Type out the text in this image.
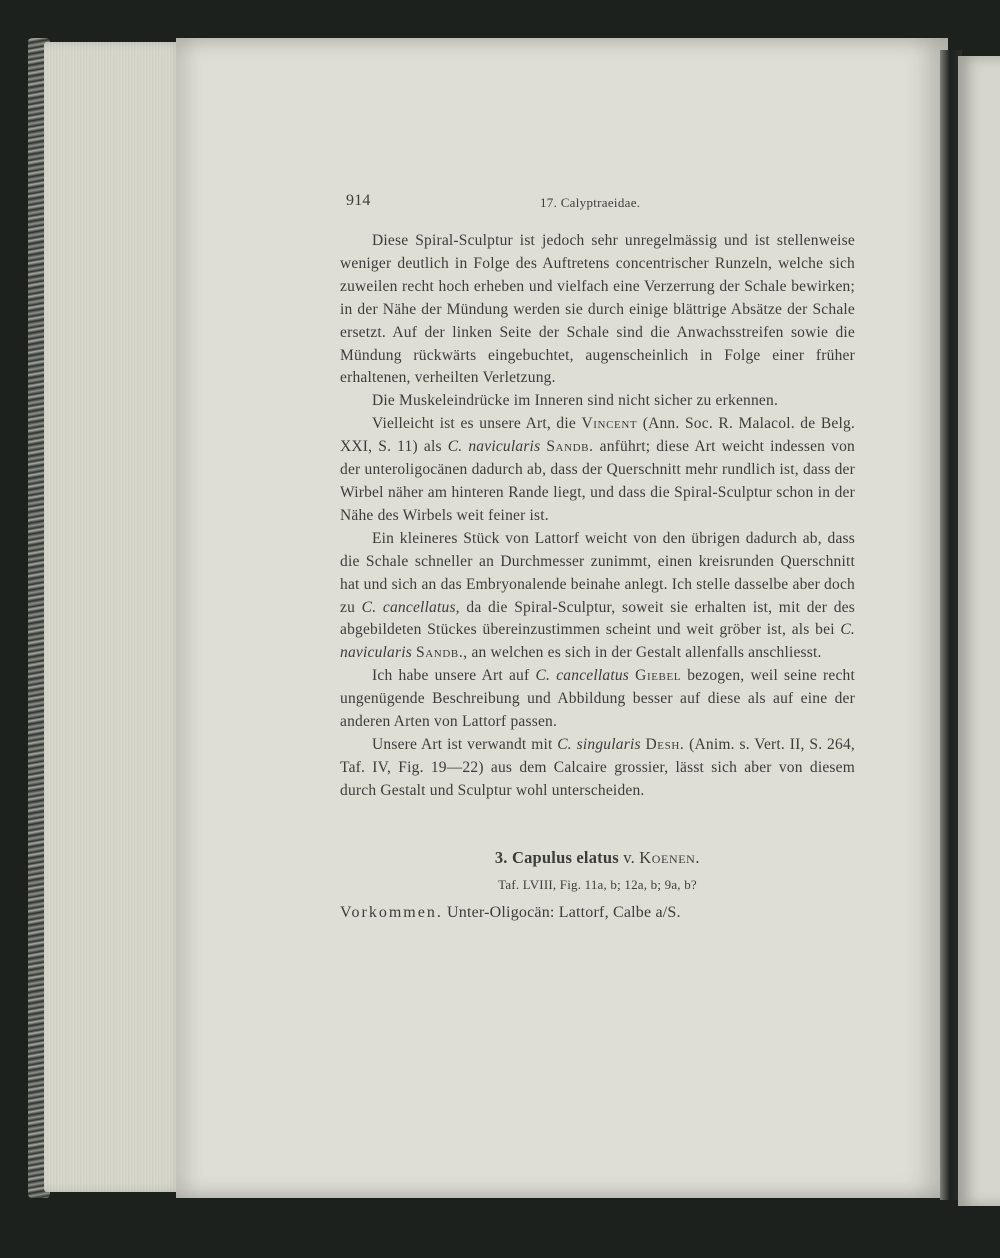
914	17. Calyptraeidae.

Diese Spiral-Sculptur ist jedoch sehr unregelmässig und ist stellenweise weniger deutlich in Folge des Auftretens concentrischer Runzeln, welche sich zuweilen recht hoch erheben und vielfach eine Verzerrung der Schale bewirken; in der Nähe der Mündung werden sie durch einige blättrige Absätze der Schale ersetzt. Auf der linken Seite der Schale sind die Anwachsstreifen sowie die Mündung rückwärts eingebuchtet, augenscheinlich in Folge einer früher erhaltenen, verheilten Verletzung.

Die Muskeleindrücke im Inneren sind nicht sicher zu erkennen.

Vielleicht ist es unsere Art, die Vincent (Ann. Soc. R. Malacol. de Belg. XXI, S. 11) als C. navicularis Sandb. anführt; diese Art weicht indessen von der unteroligocänen dadurch ab, dass der Querschnitt mehr rundlich ist, dass der Wirbel näher am hinteren Rande liegt, und dass die Spiral-Sculptur schon in der Nähe des Wirbels weit feiner ist.

Ein kleineres Stück von Lattorf weicht von den übrigen dadurch ab, dass die Schale schneller an Durchmesser zunimmt, einen kreisrunden Querschnitt hat und sich an das Embryonalende beinahe anlegt. Ich stelle dasselbe aber doch zu C. cancellatus, da die Spiral-Sculptur, soweit sie erhalten ist, mit der des abgebildeten Stückes übereinzustimmen scheint und weit gröber ist, als bei C. navicularis Sandb., an welchen es sich in der Gestalt allenfalls anschliesst.

Ich habe unsere Art auf C. cancellatus Giebel bezogen, weil seine recht ungenügende Beschreibung und Abbildung besser auf diese als auf eine der anderen Arten von Lattorf passen.

Unsere Art ist verwandt mit C. singularis Desh. (Anim. s. Vert. II, S. 264, Taf. IV, Fig. 19—22) aus dem Calcaire grossier, lässt sich aber von diesem durch Gestalt und Sculptur wohl unterscheiden.

3. Capulus elatus v. Koenen.
Taf. LVIII, Fig. 11a, b; 12a, b; 9a, b?

Vorkommen. Unter-Oligocän: Lattorf, Calbe a/S.
